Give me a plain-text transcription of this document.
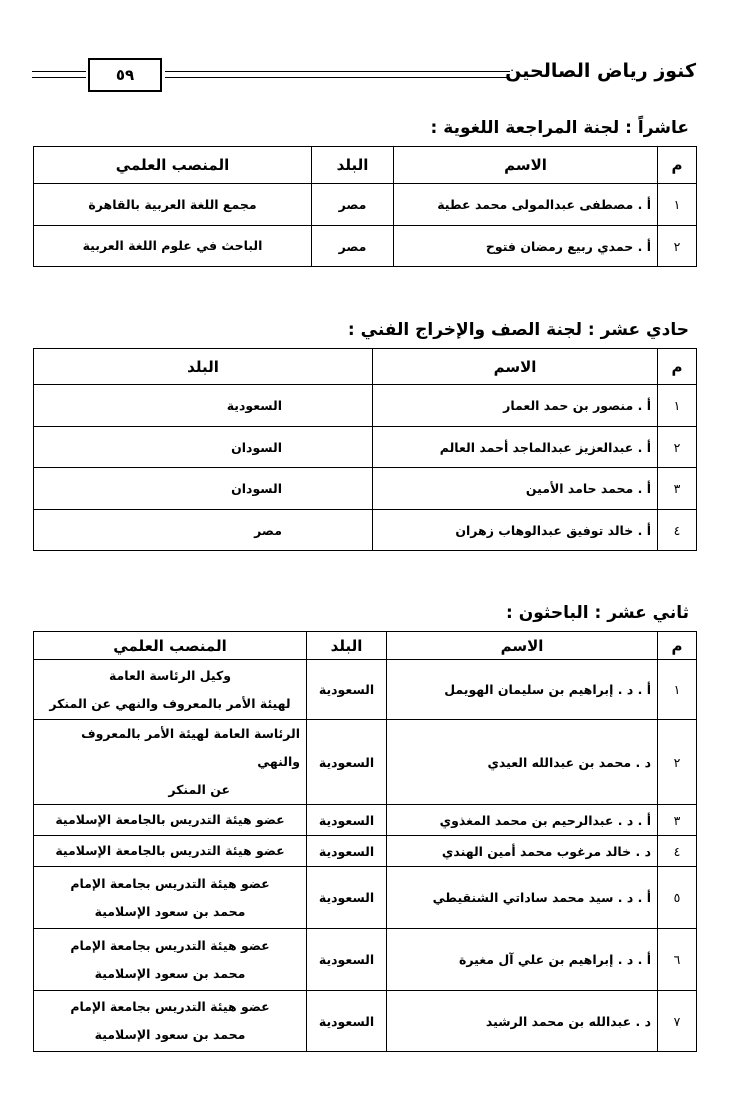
٥٩	كنوز رياض الصالحين
عاشراً : لجنة المراجعة اللغوية :
م	الاسم	البلد	المنصب العلمي
١	أ . مصطفى عبدالمولى محمد عطية	مصر	مجمع اللغة العربية بالقاهرة
٢	أ . حمدي ربيع رمضان فتوح	مصر	الباحث في علوم اللغة العربية
حادي عشر : لجنة الصف والإخراج الفني :
م	الاسم	البلد
١	أ . منصور بن حمد العمار	السعودية
٢	أ . عبدالعزيز عبدالماجد أحمد العالم	السودان
٣	أ . محمد حامد الأمين	السودان
٤	أ . خالد توفيق عبدالوهاب زهران	مصر
ثاني عشر : الباحثون :
م	الاسم	البلد	المنصب العلمي
١	أ . د . إبراهيم بن سليمان الهويمل	السعودية	وكيل الرئاسة العامة
لهيئة الأمر بالمعروف والنهي عن المنكر

٢	د . محمد بن عبدالله العيدي	السعودية	الرئاسة العامة لهيئة الأمر بالمعروف والنهي
عن المنكر

٣	أ . د . عبدالرحيم بن محمد المغذوي	السعودية	عضو هيئة التدريس بالجامعة الإسلامية

٤	د . خالد مرغوب محمد أمين الهندي	السعودية	عضو هيئة التدريس بالجامعة الإسلامية

٥	أ . د . سيد محمد ساداتي الشنقيطي	السعودية	عضو هيئة التدريس بجامعة الإمام
محمد بن سعود الإسلامية

٦	أ . د . إبراهيم بن علي آل مغيرة	السعودية	عضو هيئة التدريس بجامعة الإمام
محمد بن سعود الإسلامية

٧	د . عبدالله بن محمد الرشيد	السعودية	عضو هيئة التدريس بجامعة الإمام
محمد بن سعود الإسلامية
